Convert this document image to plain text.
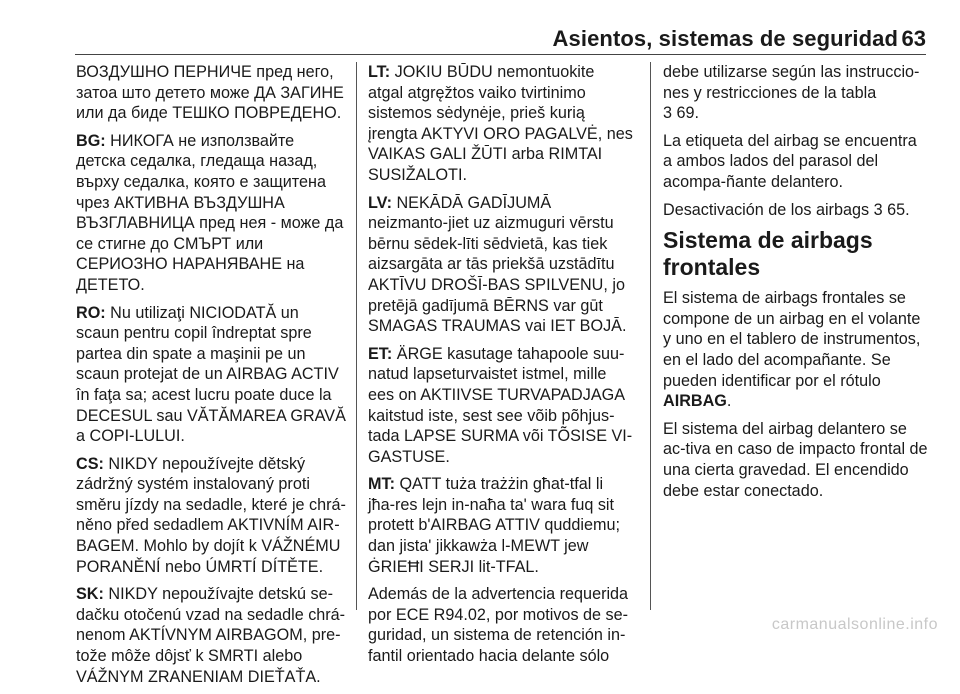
Asientos, sistemas de seguridad 63

ВОЗДУШНО ПЕРНИЧЕ пред него, затоа што детето може ДА ЗАГИНЕ или да биде ТЕШКО ПОВРЕДЕНО.

BG: НИКОГА не използвайте детска седалка, гледаща назад, върху седалка, която е защитена чрез АКТИВНА ВЪЗДУШНА ВЪЗГЛАВНИЦА пред нея - може да се стигне до СМЪРТ или СЕРИОЗНО НАРАНЯВАНЕ на ДЕТЕТО.

RO: Nu utilizaţi NICIODATĂ un scaun pentru copil îndreptat spre partea din spate a maşinii pe un scaun protejat de un AIRBAG ACTIV în faţa sa; acest lucru poate duce la DECESUL sau VĂTĂMAREA GRAVĂ a COPI-LULUI.

CS: NIKDY nepoužívejte dětský zádržný systém instalovaný proti směru jízdy na sedadle, které je chrá-něno před sedadlem AKTIVNÍM AIR-BAGEM. Mohlo by dojít k VÁŽNÉMU PORANĚNÍ nebo ÚMRTÍ DÍTĚTE.

SK: NIKDY nepoužívajte detskú se-dačku otočenú vzad na sedadle chrá-nenom AKTÍVNYM AIRBAGOM, pre-tože môže dôjsť k SMRTI alebo VÁŽNYM ZRANENIAM DIEŤAŤA.

LT: JOKIU BŪDU nemontuokite atgal atgręžtos vaiko tvirtinimo sistemos sėdynėje, prieš kurią įrengta AKTYVI ORO PAGALVĖ, nes VAIKAS GALI ŽŪTI arba RIMTAI SUSIŽALOTI.

LV: NEKĀDĀ GADĪJUMĀ neizmanto-jiet uz aizmuguri vērstu bērnu sēdek-līti sēdvietā, kas tiek aizsargāta ar tās priekšā uzstādītu AKTĪVU DROŠĪ-BAS SPILVENU, jo pretējā gadījumā BĒRNS var gūt SMAGAS TRAUMAS vai IET BOJĀ.

ET: ÄRGE kasutage tahapoole suu-natud lapseturvaistet istmel, mille ees on AKTIIVSE TURVAPADJAGA kaitstud iste, sest see võib põhjus-tada LAPSE SURMA või TÕSISE VI-GASTUSE.

MT: QATT tuża trażżin għat-tfal li jħa-res lejn in-naħa ta' wara fuq sit protett b'AIRBAG ATTIV quddiemu; dan jista' jikkawża l-MEWT jew ĠRIEĦI SERJI lit-TFAL.

Además de la advertencia requerida por ECE R94.02, por motivos de se-guridad, un sistema de retención in-fantil orientado hacia delante sólo

debe utilizarse según las instruccio-nes y restricciones de la tabla
3 69.

La etiqueta del airbag se encuentra a ambos lados del parasol del acompa-ñante delantero.

Desactivación de los airbags 3 65.

Sistema de airbags frontales

El sistema de airbags frontales se compone de un airbag en el volante y uno en el tablero de instrumentos, en el lado del acompañante. Se pueden identificar por el rótulo AIRBAG.

El sistema del airbag delantero se ac-tiva en caso de impacto frontal de una cierta gravedad. El encendido debe estar conectado.

carmanualsonline.info
